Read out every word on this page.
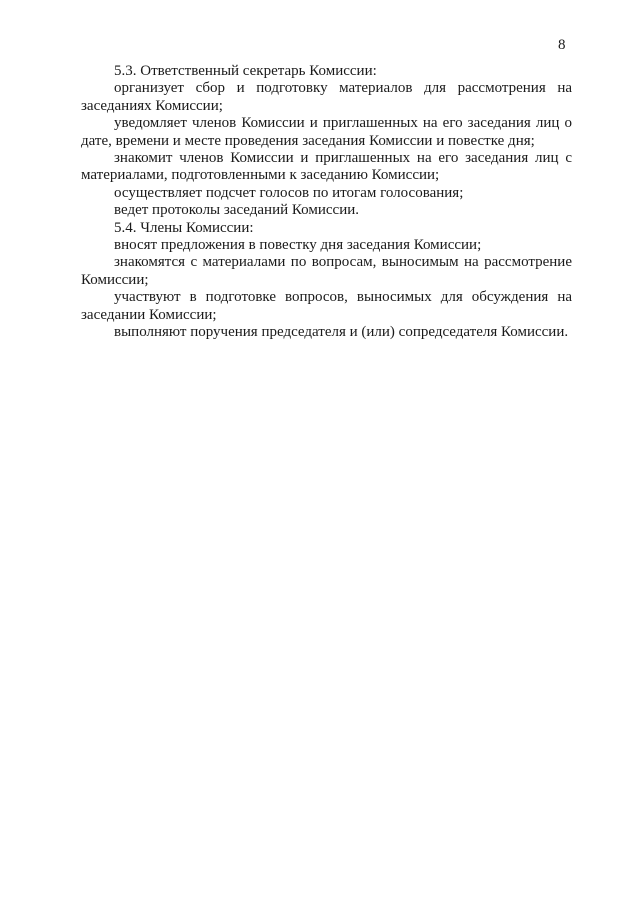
8

5.3. Ответственный секретарь Комиссии:

организует сбор и подготовку материалов для рассмотрения на заседаниях Комиссии;

уведомляет членов Комиссии и приглашенных на его заседания лиц о дате, времени и месте проведения заседания Комиссии и повестке дня;

знакомит членов Комиссии и приглашенных на его заседания лиц с материалами, подготовленными к заседанию Комиссии;

осуществляет подсчет голосов по итогам голосования;

ведет протоколы заседаний Комиссии.

5.4. Члены Комиссии:

вносят предложения в повестку дня заседания Комиссии;

знакомятся с материалами по вопросам, выносимым на рассмотрение Комиссии;

участвуют в подготовке вопросов, выносимых для обсуждения на заседании Комиссии;

выполняют поручения председателя и (или) сопредседателя Комиссии.
